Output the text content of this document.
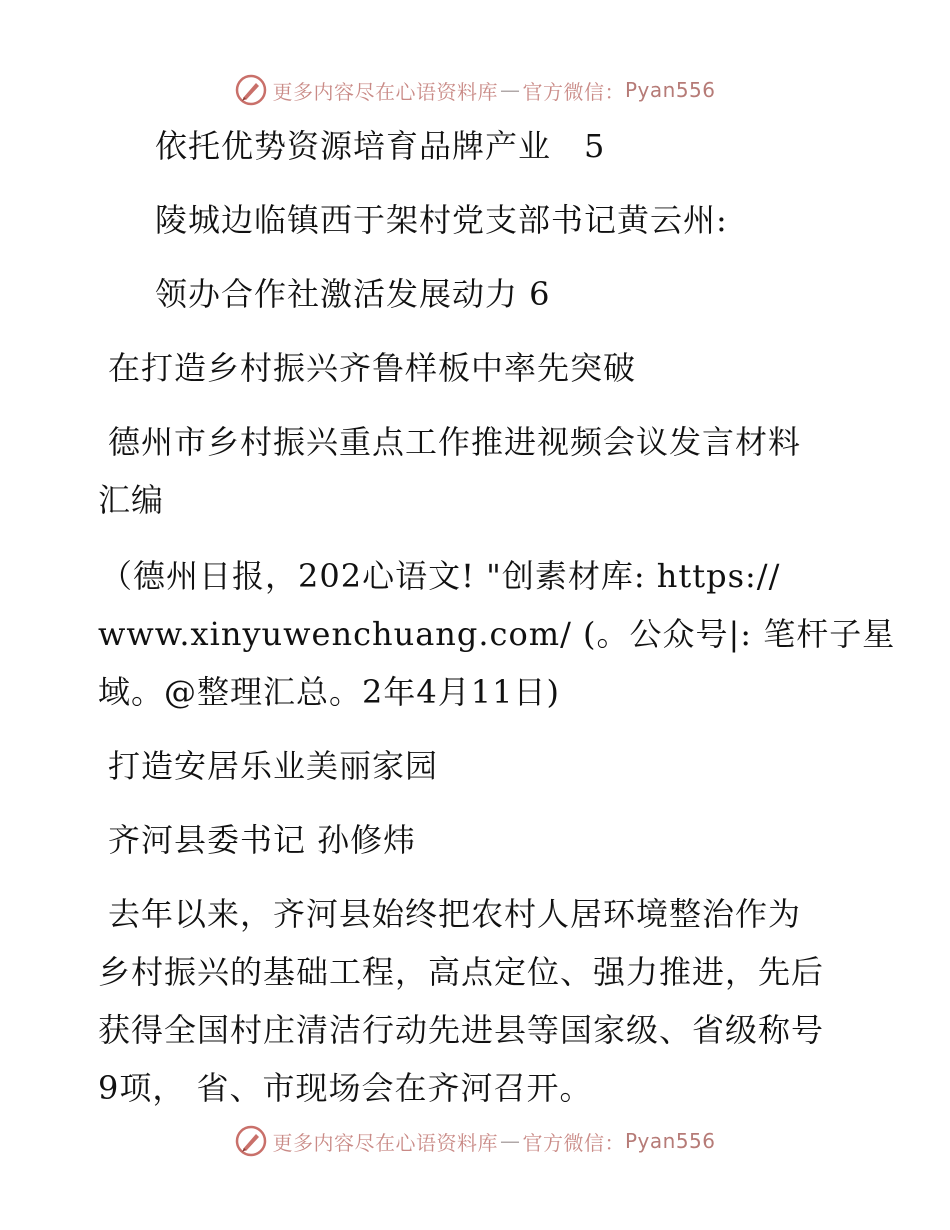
更多内容尽在心语资料库 — 官方微信： Pyan556
依托优势资源培育品牌产业　5
陵城边临镇西于架村党支部书记黄云州:
领办合作社激活发展动力 6
在打造乡村振兴齐鲁样板中率先突破
德州市乡村振兴重点工作推进视频会议发言材料
汇编
（德州日报，202心语文! "创素材库: https://
www.xinyuwenchuang.com/ (。公众号|: 笔杆子星
域。@整理汇总。2年4月11日)
打造安居乐业美丽家园
齐河县委书记 孙修炜
去年以来，齐河县始终把农村人居环境整治作为
乡村振兴的基础工程，高点定位、强力推进，先后
获得全国村庄清洁行动先进县等国家级、省级称号
9项， 省、市现场会在齐河召开。
更多内容尽在心语资料库 — 官方微信： Pyan556
